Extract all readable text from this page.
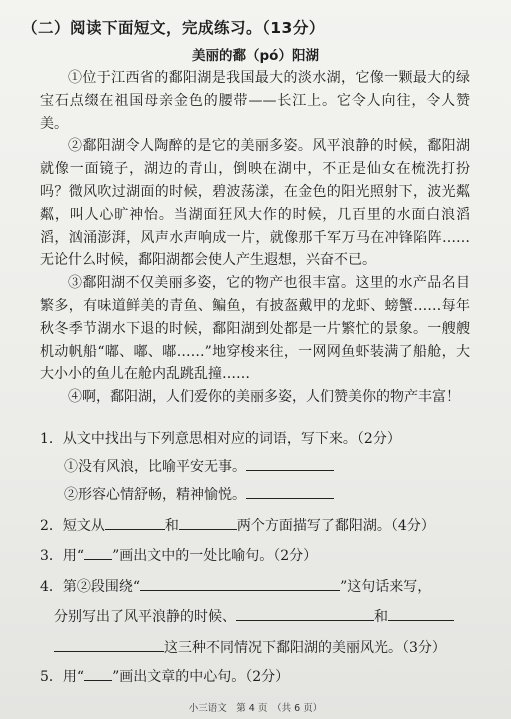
（二）阅读下面短文，完成练习。（13分）
美丽的鄱（pó）阳湖

①位于江西省的鄱阳湖是我国最大的淡水湖，它像一颗最大的绿宝石点缀在祖国母亲金色的腰带——长江上。它令人向往，令人赞美。

②鄱阳湖令人陶醉的是它的美丽多姿。风平浪静的时候，鄱阳湖就像一面镜子，湖边的青山，倒映在湖中，不正是仙女在梳洗打扮吗？微风吹过湖面的时候，碧波荡漾，在金色的阳光照射下，波光粼粼，叫人心旷神怡。当湖面狂风大作的时候，几百里的水面白浪滔滔，汹涌澎湃，风声水声响成一片，就像那千军万马在冲锋陷阵……无论什么时候，鄱阳湖都会使人产生遐想，兴奋不已。

③鄱阳湖不仅美丽多姿，它的物产也很丰富。这里的水产品名目繁多，有味道鲜美的青鱼、鳊鱼，有披盔戴甲的龙虾、螃蟹……每年秋冬季节湖水下退的时候，鄱阳湖到处都是一片繁忙的景象。一艘艘机动帆船“嘟、嘟、嘟……”地穿梭来往，一网网鱼虾装满了船舱，大大小小的鱼儿在舱内乱跳乱撞……

④啊，鄱阳湖，人们爱你的美丽多姿，人们赞美你的物产丰富！

1．从文中找出与下列意思相对应的词语，写下来。（2分）
①没有风浪，比喻平安无事。
②形容心情舒畅，精神愉悦。
2．短文从	和	两个方面描写了鄱阳湖。（4分）
3．用“ ”画出文中的一处比喻句。（2分）
4．第②段围绕“	”这句话来写，
分别写出了风平浪静的时候、	和
这三种不同情况下鄱阳湖的美丽风光。（3分）
5．用“ ”画出文章的中心句。（2分）
小三语文　第 4 页　（共 6 页）
